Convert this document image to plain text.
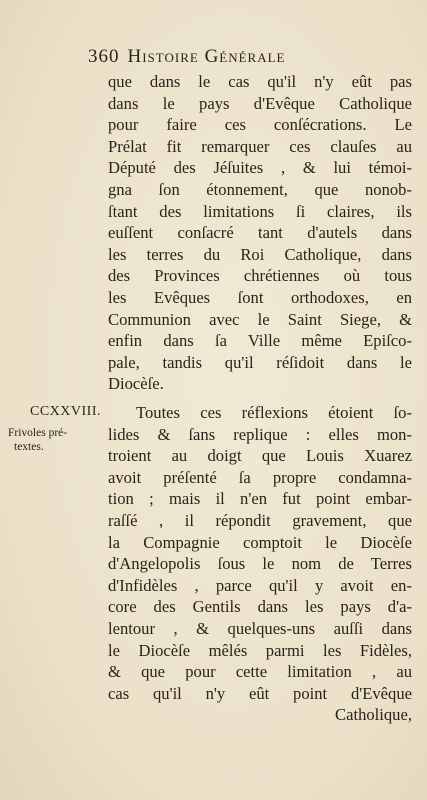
360 Histoire Générale
que dans le cas qu'il n'y eût pas
dans le pays d'Evêque Catholique
pour faire ces conſécrations. Le
Prélat fit remarquer ces clauſes au
Député des Jéſuites , & lui témoi-
gna ſon étonnement, que nonob-
ſtant des limitations ſi claires, ils
euſſent conſacré tant d'autels dans
les terres du Roi Catholique, dans
des Provinces chrétiennes où tous
les Evêques ſont orthodoxes, en
Communion avec le Saint Siege, &
enfin dans ſa Ville même Epiſco-
pale, tandis qu'il réſidoit dans le
Diocèſe.
CCXXVIII.
Frivoles pré-
textes.
Toutes ces réflexions étoient ſo-
lides & ſans replique : elles mon-
troient au doigt que Louis Xuarez
avoit préſenté ſa propre condamna-
tion ; mais il n'en fut point embar-
raſſé , il répondit gravement, que
la Compagnie comptoit le Diocèſe
d'Angelopolis ſous le nom de Terres
d'Infidèles , parce qu'il y avoit en-
core des Gentils dans les pays d'a-
lentour , & quelques-uns auſſi dans
le Diocèſe mêlés parmi les Fidèles,
& que pour cette limitation , au
cas qu'il n'y eût point d'Evêque
Catholique,
